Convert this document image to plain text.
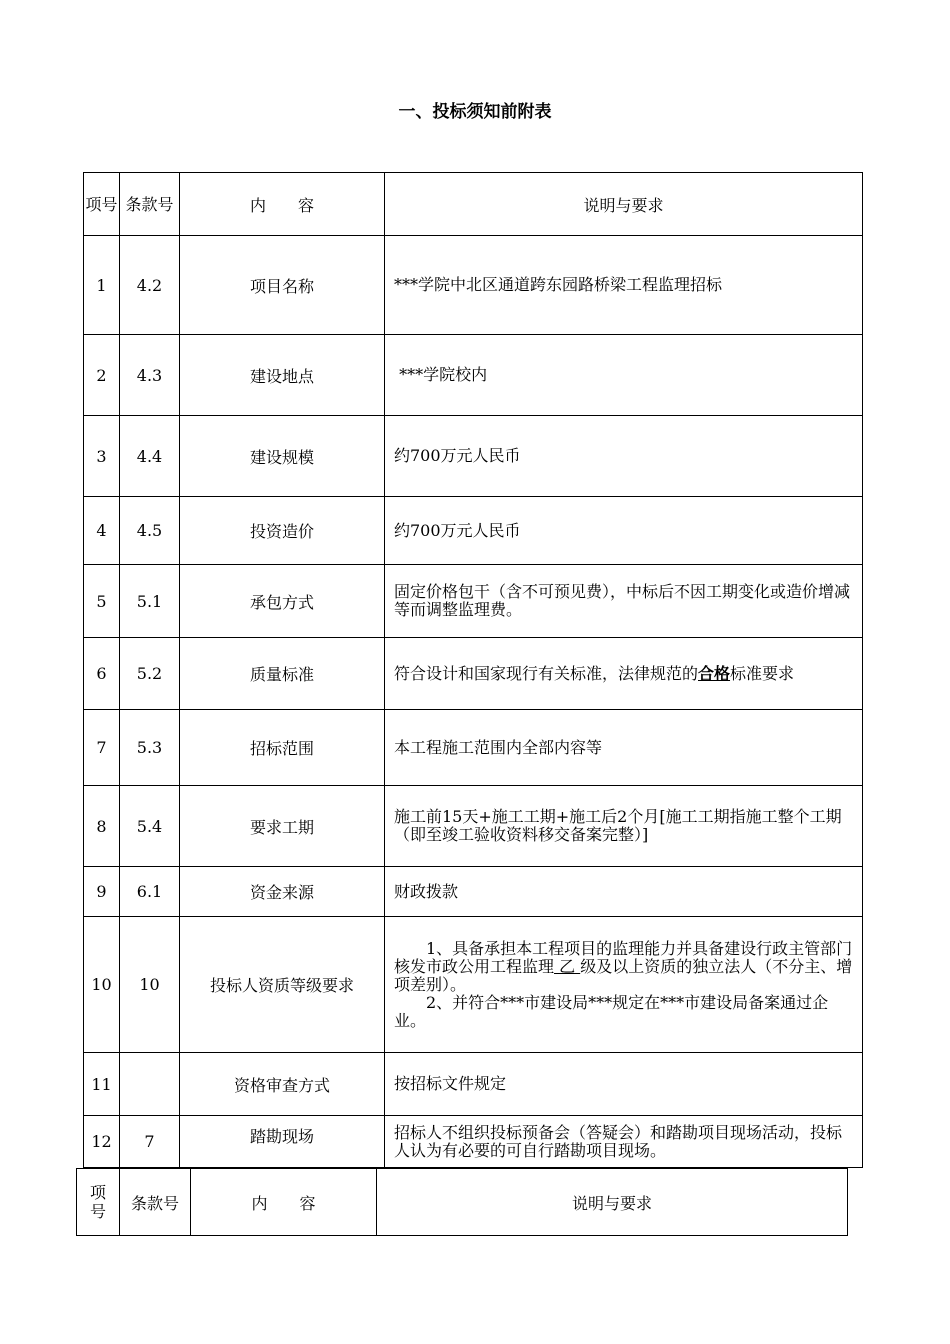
一、投标须知前附表
项号	条款号	内　　容	说明与要求
1	4.2	项目名称	***学院中北区通道跨东园路桥梁工程监理招标
2	4.3	建设地点	***学院校内
3	4.4	建设规模	约700万元人民币
4	4.5	投资造价	约700万元人民币
5	5.1	承包方式	固定价格包干（含不可预见费），中标后不因工期变化或造价增减等而调整监理费。
6	5.2	质量标准	符合设计和国家现行有关标准，法律规范的合格标准要求
7	5.3	招标范围	本工程施工范围内全部内容等
8	5.4	要求工期	施工前15天+施工工期+施工后2个月[施工工期指施工整个工期（即至竣工验收资料移交备案完整）]
9	6.1	资金来源	财政拨款
10	10	投标人资质等级要求	1、具备承担本工程项目的监理能力并具备建设行政主管部门核发市政公用工程监理 乙 级及以上资质的独立法人（不分主、增项差别）。
2、并符合***市建设局***规定在***市建设局备案通过企业。

11		资格审查方式	按招标文件规定
12	7	踏勘现场	招标人不组织投标预备会（答疑会）和踏勘项目现场活动，投标人认为有必要的可自行踏勘项目现场。
项号	条款号	内　　容	说明与要求
